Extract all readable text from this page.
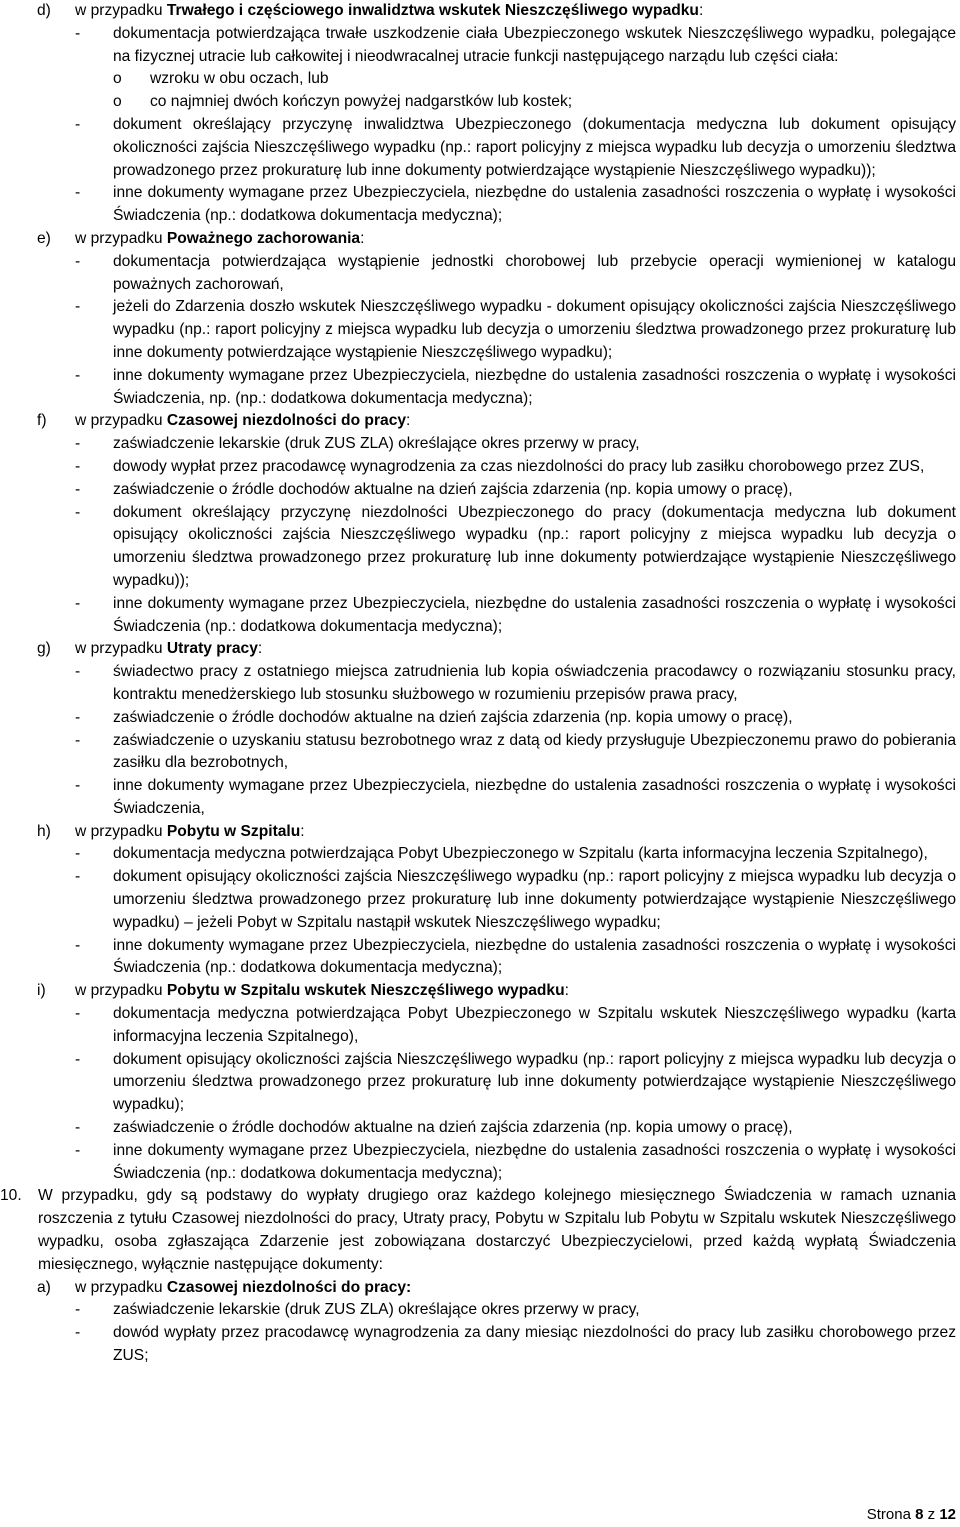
d) w przypadku Trwałego i częściowego inwalidztwa wskutek Nieszczęśliwego wypadku:
- dokumentacja potwierdzająca trwałe uszkodzenie ciała Ubezpieczonego wskutek Nieszczęśliwego wypadku, polegające na fizycznej utracie lub całkowitej i nieodwracalnej utracie funkcji następującego narządu lub części ciała:
o wzroku w obu oczach, lub
o co najmniej dwóch kończyn powyżej nadgarstków lub kostek;
- dokument określający przyczynę inwalidztwa Ubezpieczonego (dokumentacja medyczna lub dokument opisujący okoliczności zajścia Nieszczęśliwego wypadku (np.: raport policyjny z miejsca wypadku lub decyzja o umorzeniu śledztwa prowadzonego przez prokuraturę lub inne dokumenty potwierdzające wystąpienie Nieszczęśliwego wypadku));
- inne dokumenty wymagane przez Ubezpieczyciela, niezbędne do ustalenia zasadności roszczenia o wypłatę i wysokości Świadczenia (np.: dodatkowa dokumentacja medyczna);
e) w przypadku Poważnego zachorowania:
- dokumentacja potwierdzająca wystąpienie jednostki chorobowej lub przebycie operacji wymienionej w katalogu poważnych zachorowań,
- jeżeli do Zdarzenia doszło wskutek Nieszczęśliwego wypadku - dokument opisujący okoliczności zajścia Nieszczęśliwego wypadku (np.: raport policyjny z miejsca wypadku lub decyzja o umorzeniu śledztwa prowadzonego przez prokuraturę lub inne dokumenty potwierdzające wystąpienie Nieszczęśliwego wypadku);
- inne dokumenty wymagane przez Ubezpieczyciela, niezbędne do ustalenia zasadności roszczenia o wypłatę i wysokości Świadczenia, np. (np.: dodatkowa dokumentacja medyczna);
f) w przypadku Czasowej niezdolności do pracy:
- zaświadczenie lekarskie (druk ZUS ZLA) określające okres przerwy w pracy,
- dowody wypłat przez pracodawcę wynagrodzenia za czas niezdolności do pracy lub zasiłku chorobowego przez ZUS,
- zaświadczenie o źródle dochodów aktualne na dzień zajścia zdarzenia (np. kopia umowy o pracę),
- dokument określający przyczynę niezdolności Ubezpieczonego do pracy (dokumentacja medyczna lub dokument opisujący okoliczności zajścia Nieszczęśliwego wypadku (np.: raport policyjny z miejsca wypadku lub decyzja o umorzeniu śledztwa prowadzonego przez prokuraturę lub inne dokumenty potwierdzające wystąpienie Nieszczęśliwego wypadku));
- inne dokumenty wymagane przez Ubezpieczyciela, niezbędne do ustalenia zasadności roszczenia o wypłatę i wysokości Świadczenia (np.: dodatkowa dokumentacja medyczna);
g) w przypadku Utraty pracy:
- świadectwo pracy z ostatniego miejsca zatrudnienia lub kopia oświadczenia pracodawcy o rozwiązaniu stosunku pracy, kontraktu menedżerskiego lub stosunku służbowego w rozumieniu przepisów prawa pracy,
- zaświadczenie o źródle dochodów aktualne na dzień zajścia zdarzenia (np. kopia umowy o pracę),
- zaświadczenie o uzyskaniu statusu bezrobotnego wraz z datą od kiedy przysługuje Ubezpieczonemu prawo do pobierania zasiłku dla bezrobotnych,
- inne dokumenty wymagane przez Ubezpieczyciela, niezbędne do ustalenia zasadności roszczenia o wypłatę i wysokości Świadczenia,
h) w przypadku Pobytu w Szpitalu:
- dokumentacja medyczna potwierdzająca Pobyt Ubezpieczonego w Szpitalu (karta informacyjna leczenia Szpitalnego),
- dokument opisujący okoliczności zajścia Nieszczęśliwego wypadku (np.: raport policyjny z miejsca wypadku lub decyzja o umorzeniu śledztwa prowadzonego przez prokuraturę lub inne dokumenty potwierdzające wystąpienie Nieszczęśliwego wypadku) – jeżeli Pobyt w Szpitalu nastąpił wskutek Nieszczęśliwego wypadku;
- inne dokumenty wymagane przez Ubezpieczyciela, niezbędne do ustalenia zasadności roszczenia o wypłatę i wysokości Świadczenia (np.: dodatkowa dokumentacja medyczna);
i) w przypadku Pobytu w Szpitalu wskutek Nieszczęśliwego wypadku:
- dokumentacja medyczna potwierdzająca Pobyt Ubezpieczonego w Szpitalu wskutek Nieszczęśliwego wypadku (karta informacyjna leczenia Szpitalnego),
- dokument opisujący okoliczności zajścia Nieszczęśliwego wypadku (np.: raport policyjny z miejsca wypadku lub decyzja o umorzeniu śledztwa prowadzonego przez prokuraturę lub inne dokumenty potwierdzające wystąpienie Nieszczęśliwego wypadku);
- zaświadczenie o źródle dochodów aktualne na dzień zajścia zdarzenia (np. kopia umowy o pracę),
- inne dokumenty wymagane przez Ubezpieczyciela, niezbędne do ustalenia zasadności roszczenia o wypłatę i wysokości Świadczenia (np.: dodatkowa dokumentacja medyczna);
10. W przypadku, gdy są podstawy do wypłaty drugiego oraz każdego kolejnego miesięcznego Świadczenia w ramach uznania roszczenia z tytułu Czasowej niezdolności do pracy, Utraty pracy, Pobytu w Szpitalu lub Pobytu w Szpitalu wskutek Nieszczęśliwego wypadku, osoba zgłaszająca Zdarzenie jest zobowiązana dostarczyć Ubezpieczycielowi, przed każdą wypłatą Świadczenia miesięcznego, wyłącznie następujące dokumenty:
a) w przypadku Czasowej niezdolności do pracy:
- zaświadczenie lekarskie (druk ZUS ZLA) określające okres przerwy w pracy,
- dowód wypłaty przez pracodawcę wynagrodzenia za dany miesiąc niezdolności do pracy lub zasiłku chorobowego przez ZUS;
Strona 8 z 12
